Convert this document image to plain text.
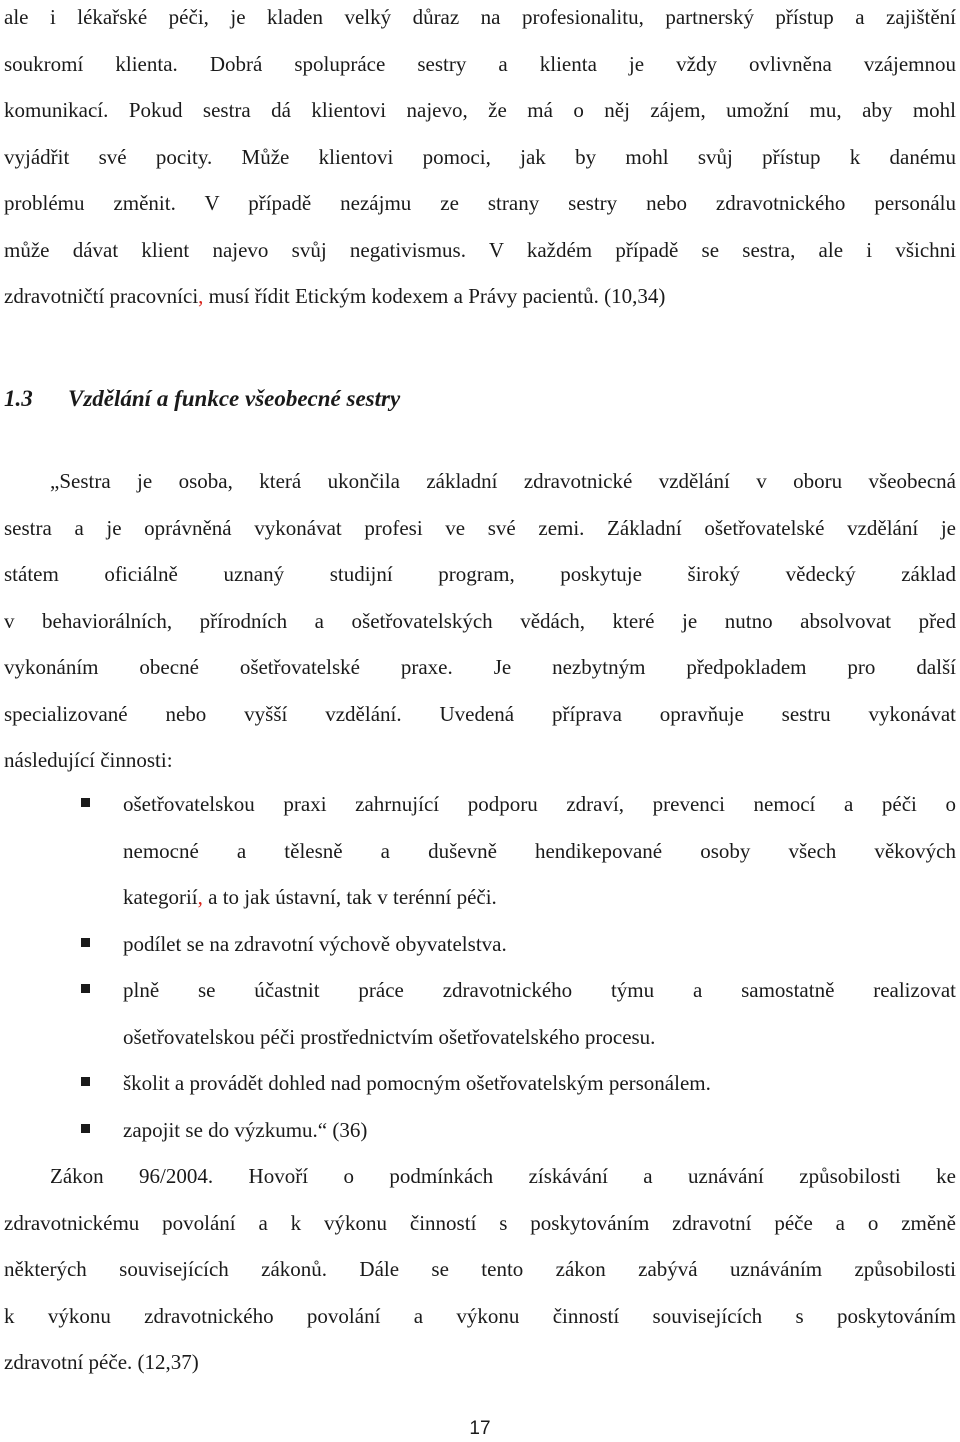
ale i lékařské péči, je kladen velký důraz na profesionalitu, partnerský přístup a zajištění
soukromí klienta. Dobrá spolupráce sestry a klienta je vždy ovlivněna vzájemnou
komunikací. Pokud sestra dá klientovi najevo, že má o něj zájem, umožní mu, aby mohl
vyjádřit své pocity. Může klientovi pomoci, jak by mohl svůj přístup k danému
problému změnit. V případě nezájmu ze strany sestry nebo zdravotnického personálu
může dávat klient najevo svůj negativismus. V každém případě se sestra, ale i všichni
zdravotničtí pracovníci, musí řídit Etickým kodexem a Právy pacientů. (10,34)
1.3 Vzdělání a funkce všeobecné sestry
„Sestra je osoba, která ukončila základní zdravotnické vzdělání v oboru všeobecná
sestra a je oprávněná vykonávat profesi ve své zemi. Základní ošetřovatelské vzdělání je
státem oficiálně uznaný studijní program, poskytuje široký vědecký základ
v behaviorálních, přírodních a ošetřovatelských vědách, které je nutno absolvovat před
vykonáním obecné ošetřovatelské praxe. Je nezbytným předpokladem pro další
specializované nebo vyšší vzdělání. Uvedená příprava opravňuje sestru vykonávat
následující činnosti:
ošetřovatelskou praxi zahrnující podporu zdraví, prevenci nemocí a péči o
nemocné a tělesně a duševně hendikepované osoby všech věkových
kategorií, a to jak ústavní, tak v terénní péči.
podílet se na zdravotní výchově obyvatelstva.
plně se účastnit práce zdravotnického týmu a samostatně realizovat
ošetřovatelskou péči prostřednictvím ošetřovatelského procesu.
školit a provádět dohled nad pomocným ošetřovatelským personálem.
zapojit se do výzkumu.“ (36)
Zákon 96/2004. Hovoří o podmínkách získávání a uznávání způsobilosti ke
zdravotnickému povolání a k výkonu činností s poskytováním zdravotní péče a o změně
některých souvisejících zákonů. Dále se tento zákon zabývá uznáváním způsobilosti
k výkonu zdravotnického povolání a výkonu činností souvisejících s poskytováním
zdravotní péče. (12,37)
17
